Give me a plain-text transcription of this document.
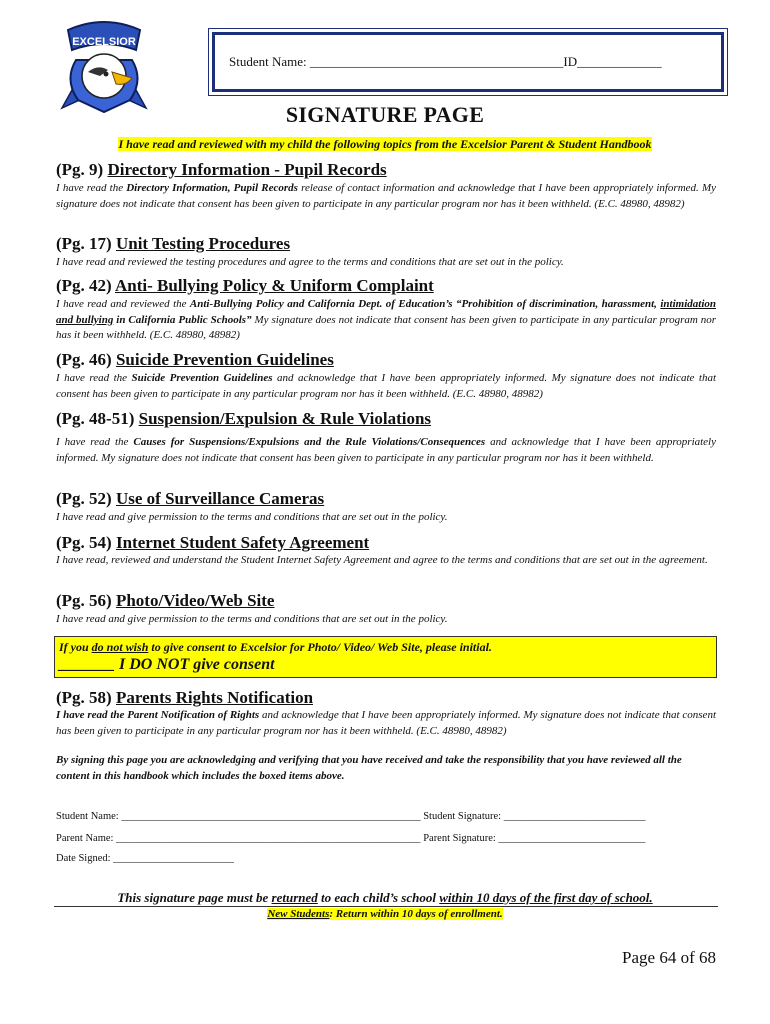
EXCELSIOR
Student Name: _______________________________________ID_____________
SIGNATURE PAGE
I have read and reviewed with my child the following topics from the Excelsior Parent & Student Handbook
(Pg. 9) Directory Information - Pupil Records
I have read the Directory Information, Pupil Records release of contact information and acknowledge that I have been appropriately informed. My signature does not indicate that consent has been given to participate in any particular program nor has it been withheld. (E.C. 48980, 48982)
(Pg. 17) Unit Testing Procedures
I have read and reviewed the testing procedures and agree to the terms and conditions that are set out in the policy.
(Pg. 42) Anti- Bullying Policy & Uniform Complaint
I have read and reviewed the Anti-Bullying Policy and California Dept. of Education’s “Prohibition of discrimination, harassment, intimidation and bullying in California Public Schools” My signature does not indicate that consent has been given to participate in any particular program nor has it been withheld. (E.C. 48980, 48982)
(Pg. 46) Suicide Prevention Guidelines
I have read the Suicide Prevention Guidelines and acknowledge that I have been appropriately informed. My signature does not indicate that consent has been given to participate in any particular program nor has it been withheld. (E.C. 48980, 48982)
(Pg. 48-51) Suspension/Expulsion & Rule Violations
I have read the Causes for Suspensions/Expulsions and the Rule Violations/Consequences and acknowledge that I have been appropriately informed. My signature does not indicate that consent has been given to participate in any particular program nor has it been withheld.
(Pg. 52) Use of Surveillance Cameras
I have read and give permission to the terms and conditions that are set out in the policy.
(Pg. 54) Internet Student Safety Agreement
I have read, reviewed and understand the Student Internet Safety Agreement and agree to the terms and conditions that are set out in the agreement.
(Pg. 56) Photo/Video/Web Site
I have read and give permission to the terms and conditions that are set out in the policy.
If you do not wish to give consent to Excelsior for Photo/ Video/ Web Site, please initial.
_______ I DO NOT give consent
(Pg. 58) Parents Rights Notification
I have read the Parent Notification of Rights and acknowledge that I have been appropriately informed. My signature does not indicate that consent has been given to participate in any particular program nor has it been withheld. (E.C. 48980, 48982)
By signing this page you are acknowledging and verifying that you have received and take the responsibility that you have reviewed all the content in this handbook which includes the boxed items above.
Student Name: _________________________________________________________ Student Signature: ___________________________
Parent Name: __________________________________________________________ Parent Signature: ____________________________
Date Signed: _______________________
This signature page must be returned to each child’s school within 10 days of the first day of school.
New Students: Return within 10 days of enrollment.
Page 64 of 68
